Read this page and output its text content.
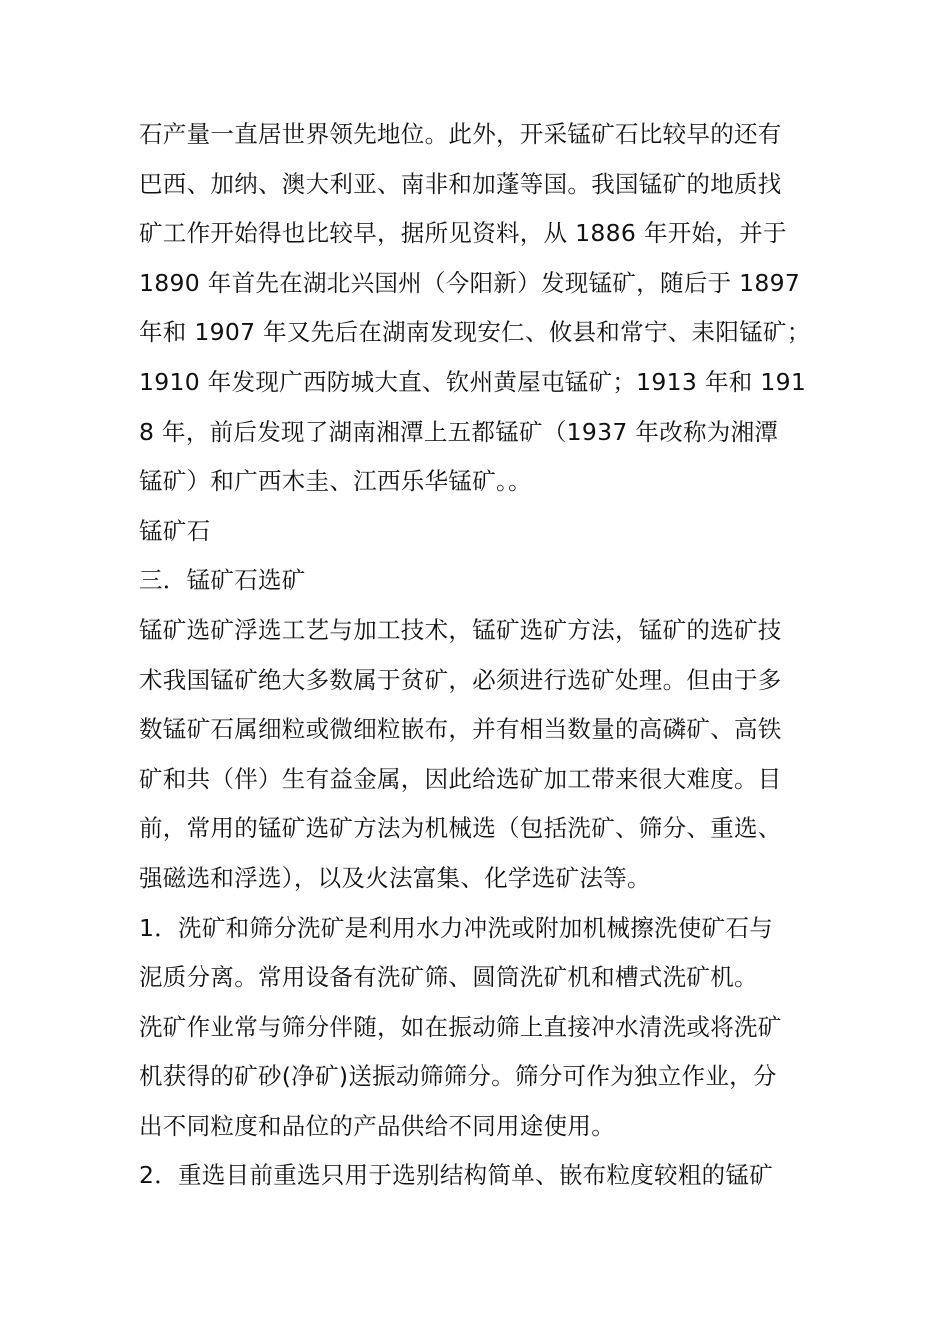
石产量一直居世界领先地位。此外，开采锰矿石比较早的还有
巴西、加纳、澳大利亚、南非和加蓬等国。我国锰矿的地质找
矿工作开始得也比较早，据所见资料，从 1886 年开始，并于
1890 年首先在湖北兴国州（今阳新）发现锰矿，随后于 1897
年和 1907 年又先后在湖南发现安仁、攸县和常宁、耒阳锰矿；
1910 年发现广西防城大直、钦州黄屋屯锰矿；1913 年和 191
8 年，前后发现了湖南湘潭上五都锰矿（1937 年改称为湘潭
锰矿）和广西木圭、江西乐华锰矿。。
锰矿石
三．锰矿石选矿
锰矿选矿浮选工艺与加工技术，锰矿选矿方法，锰矿的选矿技
术我国锰矿绝大多数属于贫矿，必须进行选矿处理。但由于多
数锰矿石属细粒或微细粒嵌布，并有相当数量的高磷矿、高铁
矿和共（伴）生有益金属，因此给选矿加工带来很大难度。目
前，常用的锰矿选矿方法为机械选（包括洗矿、筛分、重选、
强磁选和浮选），以及火法富集、化学选矿法等。
1．洗矿和筛分洗矿是利用水力冲洗或附加机械擦洗使矿石与
泥质分离。常用设备有洗矿筛、圆筒洗矿机和槽式洗矿机。
洗矿作业常与筛分伴随，如在振动筛上直接冲水清洗或将洗矿
机获得的矿砂(净矿)送振动筛筛分。筛分可作为独立作业，分
出不同粒度和品位的产品供给不同用途使用。
2．重选目前重选只用于选别结构简单、嵌布粒度较粗的锰矿
